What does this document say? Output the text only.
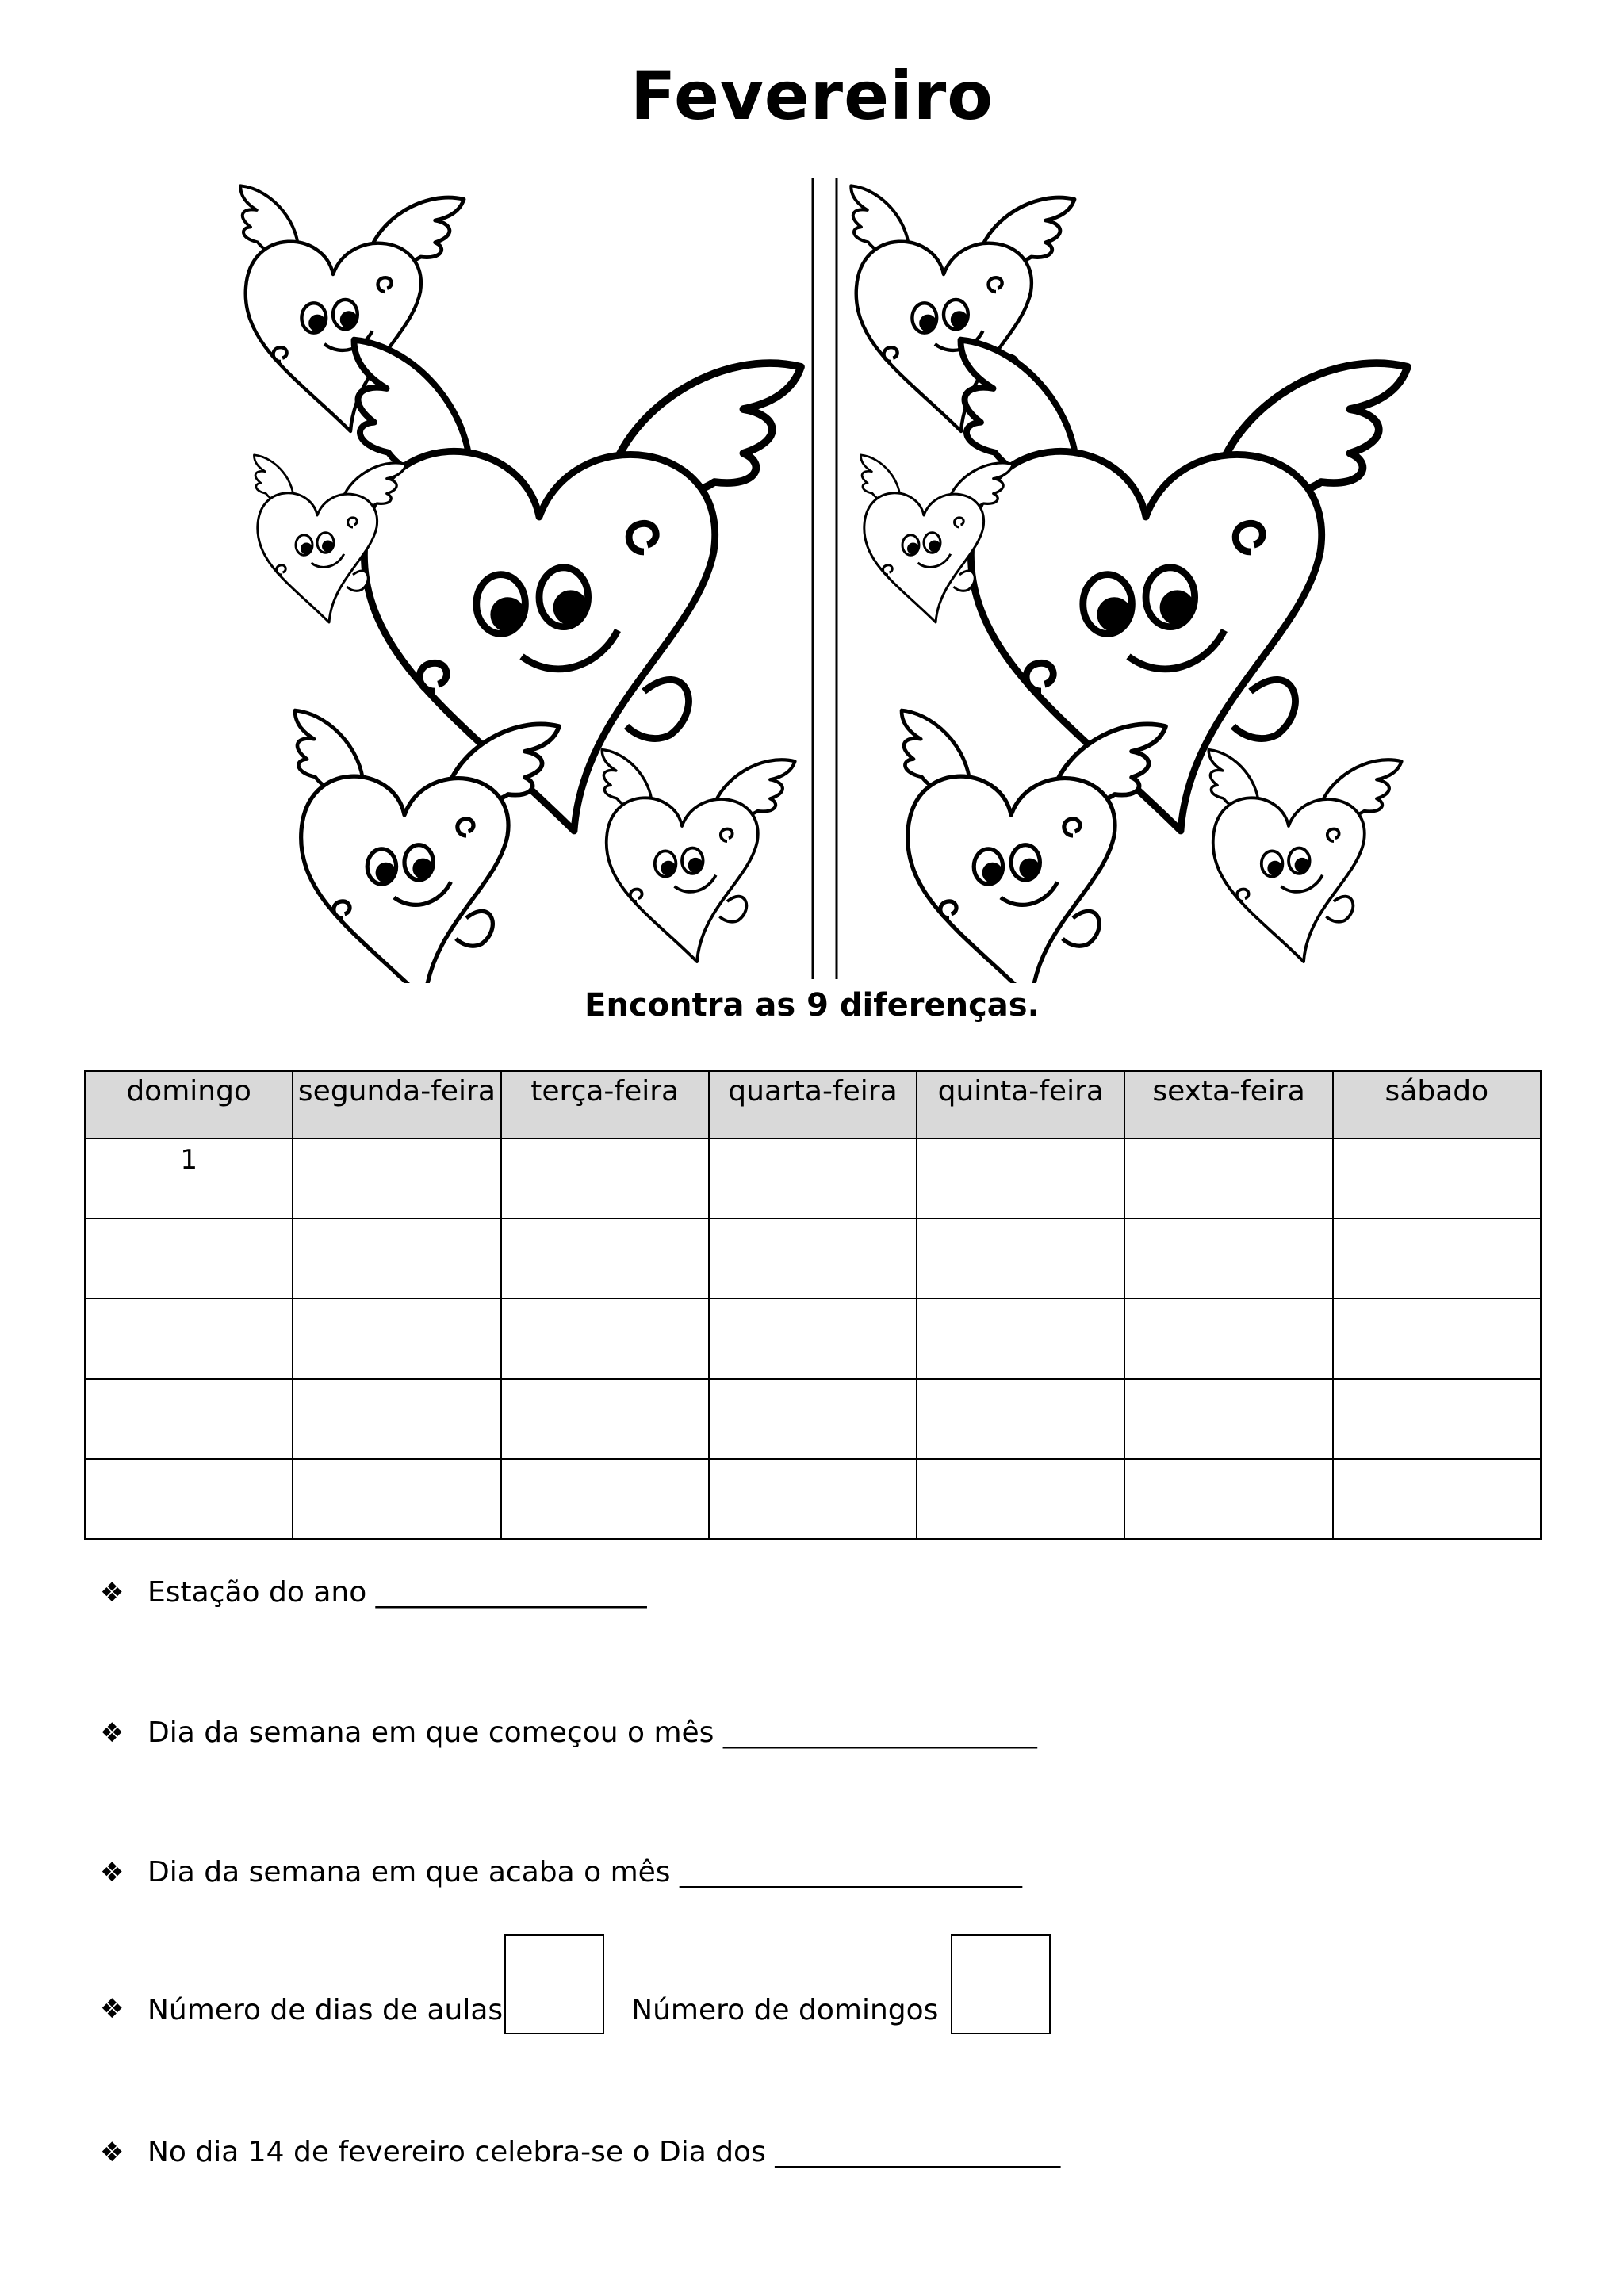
Fevereiro
Encontra as 9 diferenças.
domingo	segunda-feira	terça-feira	quarta-feira	quinta-feira	sexta-feira	sábado
1						

❖ Estação do ano ___________________
❖ Dia da semana em que começou o mês ______________________
❖ Dia da semana em que acaba o mês ________________________
❖ Número de dias de aulas	Número de domingos
❖ No dia 14 de fevereiro celebra-se o Dia dos ____________________
